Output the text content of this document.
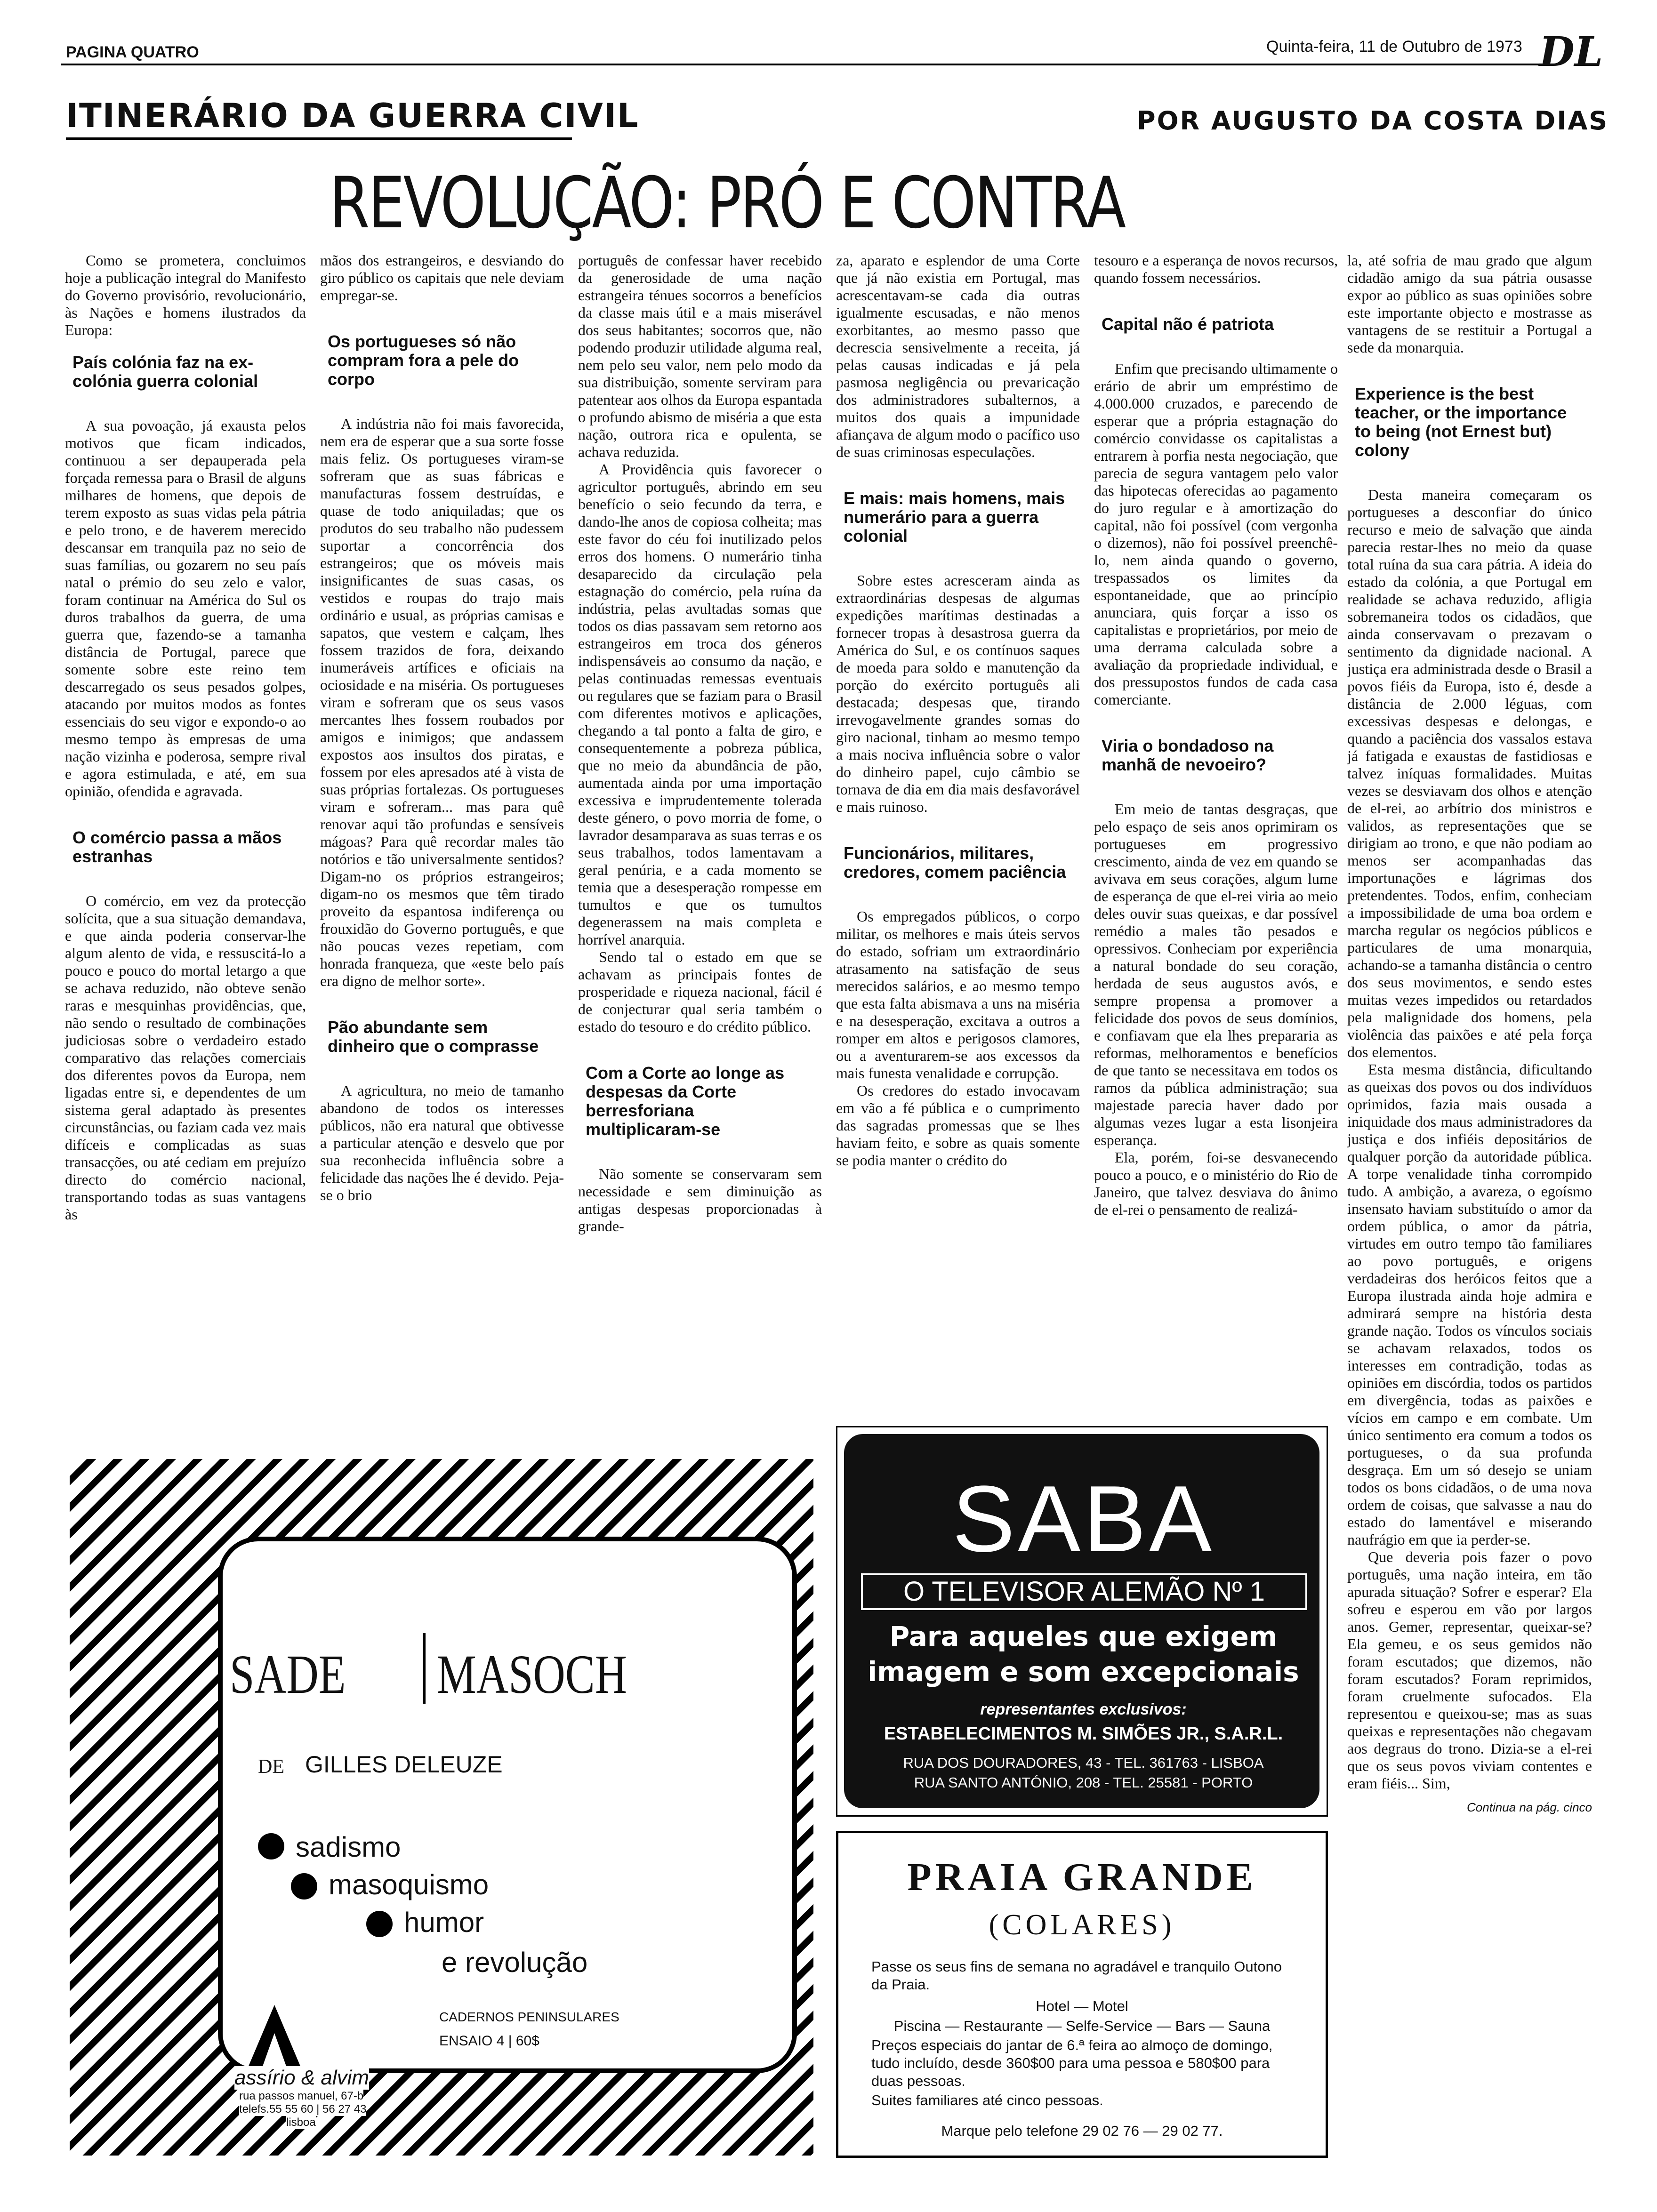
PAGINA QUATRO	Quinta-feira, 11 de Outubro de 1973 DL
ITINERÁRIO DA GUERRA CIVIL	POR AUGUSTO DA COSTA DIAS
REVOLUÇÃO: PRÓ E CONTRA

Como se prometera, concluimos hoje a publicação integral do Manifesto do Governo provisório, revolucionário, às Nações e homens ilustrados da Europa:

País colónia faz na ex-colónia guerra colonial

A sua povoação, já exausta pelos motivos que ficam indicados, continuou a ser depauperada pela forçada remessa para o Brasil de alguns milhares de homens, que depois de terem exposto as suas vidas pela pátria e pelo trono, e de haverem merecido descansar em tranquila paz no seio de suas famílias, ou gozarem no seu país natal o prémio do seu zelo e valor, foram continuar na América do Sul os duros trabalhos da guerra, de uma guerra que, fazendo-se a tamanha distância de Portugal, parece que somente sobre este reino tem descarregado os seus pesados golpes, atacando por muitos modos as fontes essenciais do seu vigor e expondo-o ao mesmo tempo às empresas de uma nação vizinha e poderosa, sempre rival e agora estimulada, e até, em sua opinião, ofendida e agravada.

O comércio passa a mãos estranhas

O comércio, em vez da protecção solícita, que a sua situação demandava, e que ainda poderia conservar-lhe algum alento de vida, e ressuscitá-lo a pouco e pouco do mortal letargo a que se achava reduzido, não obteve senão raras e mesquinhas providências, que, não sendo o resultado de combinações judiciosas sobre o verdadeiro estado comparativo das relações comerciais dos diferentes povos da Europa, nem ligadas entre si, e dependentes de um sistema geral adaptado às presentes circunstâncias, ou faziam cada vez mais difíceis e complicadas as suas transacções, ou até cediam em prejuízo directo do comércio nacional, transportando todas as suas vantagens às

mãos dos estrangeiros, e desviando do giro público os capitais que nele deviam empregar-se.

Os portugueses só não compram fora a pele do corpo

A indústria não foi mais favorecida, nem era de esperar que a sua sorte fosse mais feliz. Os portugueses viram-se sofreram que as suas fábricas e manufacturas fossem destruídas, e quase de todo aniquiladas; que os produtos do seu trabalho não pudessem suportar a concorrência dos estrangeiros; que os móveis mais insignificantes de suas casas, os vestidos e roupas do trajo mais ordinário e usual, as próprias camisas e sapatos, que vestem e calçam, lhes fossem trazidos de fora, deixando inumeráveis artífices e oficiais na ociosidade e na miséria. Os portugueses viram e sofreram que os seus vasos mercantes lhes fossem roubados por amigos e inimigos; que andassem expostos aos insultos dos piratas, e fossem por eles apresados até à vista de suas próprias fortalezas. Os portugueses viram e sofreram... mas para quê renovar aqui tão profundas e sensíveis mágoas? Para quê recordar males tão notórios e tão universalmente sentidos? Digam-no os próprios estrangeiros; digam-no os mesmos que têm tirado proveito da espantosa indiferença ou frouxidão do Governo português, e que não poucas vezes repetiam, com honrada franqueza, que «este belo país era digno de melhor sorte».

Pão abundante sem dinheiro que o comprasse

A agricultura, no meio de tamanho abandono de todos os interesses públicos, não era natural que obtivesse a particular atenção e desvelo que por sua reconhecida influência sobre a felicidade das nações lhe é devido. Peja-se o brio

português de confessar haver recebido da generosidade de uma nação estrangeira ténues socorros a benefícios da classe mais útil e a mais miserável dos seus habitantes; socorros que, não podendo produzir utilidade alguma real, nem pelo seu valor, nem pelo modo da sua distribuição, somente serviram para patentear aos olhos da Europa espantada o profundo abismo de miséria a que esta nação, outrora rica e opulenta, se achava reduzida.

A Providência quis favorecer o agricultor português, abrindo em seu benefício o seio fecundo da terra, e dando-lhe anos de copiosa colheita; mas este favor do céu foi inutilizado pelos erros dos homens. O numerário tinha desaparecido da circulação pela estagnação do comércio, pela ruína da indústria, pelas avultadas somas que todos os dias passavam sem retorno aos estrangeiros em troca dos géneros indispensáveis ao consumo da nação, e pelas continuadas remessas eventuais ou regulares que se faziam para o Brasil com diferentes motivos e aplicações, chegando a tal ponto a falta de giro, e consequentemente a pobreza pública, que no meio da abundância de pão, aumentada ainda por uma importação excessiva e imprudentemente tolerada deste género, o povo morria de fome, o lavrador desamparava as suas terras e os seus trabalhos, todos lamentavam a geral penúria, e a cada momento se temia que a desesperação rompesse em tumultos e que os tumultos degenerassem na mais completa e horrível anarquia.

Sendo tal o estado em que se achavam as principais fontes de prosperidade e riqueza nacional, fácil é de conjecturar qual seria também o estado do tesouro e do crédito público.

Com a Corte ao longe as despesas da Corte berresforiana multiplicaram-se

Não somente se conservaram sem necessidade e sem diminuição as antigas despesas proporcionadas à grande-

za, aparato e esplendor de uma Corte que já não existia em Portugal, mas acrescentavam-se cada dia outras igualmente escusadas, e não menos exorbitantes, ao mesmo passo que decrescia sensivelmente a receita, já pelas causas indicadas e já pela pasmosa negligência ou prevaricação dos administradores subalternos, a muitos dos quais a impunidade afiançava de algum modo o pacífico uso de suas criminosas especulações.

E mais: mais homens, mais numerário para a guerra colonial

Sobre estes acresceram ainda as extraordinárias despesas de algumas expedições marítimas destinadas a fornecer tropas à desastrosa guerra da América do Sul, e os contínuos saques de moeda para soldo e manutenção da porção do exército português ali destacada; despesas que, tirando irrevogavelmente grandes somas do giro nacional, tinham ao mesmo tempo a mais nociva influência sobre o valor do dinheiro papel, cujo câmbio se tornava de dia em dia mais desfavorável e mais ruinoso.

Funcionários, militares, credores, comem paciência

Os empregados públicos, o corpo militar, os melhores e mais úteis servos do estado, sofriam um extraordinário atrasamento na satisfação de seus merecidos salários, e ao mesmo tempo que esta falta abismava a uns na miséria e na desesperação, excitava a outros a romper em altos e perigosos clamores, ou a aventurarem-se aos excessos da mais funesta venalidade e corrupção.

Os credores do estado invocavam em vão a fé pública e o cumprimento das sagradas promessas que se lhes haviam feito, e sobre as quais somente se podia manter o crédito do

tesouro e a esperança de novos recursos, quando fossem necessários.

Capital não é patriota

Enfim que precisando ultimamente o erário de abrir um empréstimo de 4.000.000 cruzados, e parecendo de esperar que a própria estagnação do comércio convidasse os capitalistas a entrarem à porfia nesta negociação, que parecia de segura vantagem pelo valor das hipotecas oferecidas ao pagamento do juro regular e à amortização do capital, não foi possível (com vergonha o dizemos), não foi possível preenchê-lo, nem ainda quando o governo, trespassados os limites da espontaneidade, que ao princípio anunciara, quis forçar a isso os capitalistas e proprietários, por meio de uma derrama calculada sobre a avaliação da propriedade individual, e dos pressupostos fundos de cada casa comerciante.

Viria o bondadoso na manhã de nevoeiro?

Em meio de tantas desgraças, que pelo espaço de seis anos oprimiram os portugueses em progressivo crescimento, ainda de vez em quando se avivava em seus corações, algum lume de esperança de que el-rei viria ao meio deles ouvir suas queixas, e dar possível remédio a males tão pesados e opressivos. Conheciam por experiência a natural bondade do seu coração, herdada de seus augustos avós, e sempre propensa a promover a felicidade dos povos de seus domínios, e confiavam que ela lhes prepararia as reformas, melhoramentos e benefícios de que tanto se necessitava em todos os ramos da pública administração; sua majestade parecia haver dado por algumas vezes lugar a esta lisonjeira esperança.

Ela, porém, foi-se desvanecendo pouco a pouco, e o ministério do Rio de Janeiro, que talvez desviava do ânimo de el-rei o pensamento de realizá-

la, até sofria de mau grado que algum cidadão amigo da sua pátria ousasse expor ao público as suas opiniões sobre este importante objecto e mostrasse as vantagens de se restituir a Portugal a sede da monarquia.

Experience is the best teacher, or the importance to being (not Ernest but) colony

Desta maneira começaram os portugueses a desconfiar do único recurso e meio de salvação que ainda parecia restar-lhes no meio da quase total ruína da sua cara pátria. A ideia do estado da colónia, a que Portugal em realidade se achava reduzido, afligia sobremaneira todos os cidadãos, que ainda conservavam o prezavam o sentimento da dignidade nacional. A justiça era administrada desde o Brasil a povos fiéis da Europa, isto é, desde a distância de 2.000 léguas, com excessivas despesas e delongas, e quando a paciência dos vassalos estava já fatigada e exaustas de fastidiosas e talvez iníquas formalidades. Muitas vezes se desviavam dos olhos e atenção de el-rei, ao arbítrio dos ministros e validos, as representações que se dirigiam ao trono, e que não podiam ao menos ser acompanhadas das importunações e lágrimas dos pretendentes. Todos, enfim, conheciam a impossibilidade de uma boa ordem e marcha regular os negócios públicos e particulares de uma monarquia, achando-se a tamanha distância o centro dos seus movimentos, e sendo estes muitas vezes impedidos ou retardados pela malignidade dos homens, pela violência das paixões e até pela força dos elementos.

Esta mesma distância, dificultando as queixas dos povos ou dos indivíduos oprimidos, fazia mais ousada a iniquidade dos maus administradores da justiça e dos infiéis depositários de qualquer porção da autoridade pública. A torpe venalidade tinha corrompido tudo. A ambição, a avareza, o egoísmo insensato haviam substituído o amor da ordem pública, o amor da pátria, virtudes em outro tempo tão familiares ao povo português, e origens verdadeiras dos heróicos feitos que a Europa ilustrada ainda hoje admira e admirará sempre na história desta grande nação. Todos os vínculos sociais se achavam relaxados, todos os interesses em contradição, todas as opiniões em discórdia, todos os partidos em divergência, todas as paixões e vícios em campo e em combate. Um único sentimento era comum a todos os portugueses, o da sua profunda desgraça. Em um só desejo se uniam todos os bons cidadãos, o de uma nova ordem de coisas, que salvasse a nau do estado do lamentável e miserando naufrágio em que ia perder-se.

Que deveria pois fazer o povo português, uma nação inteira, em tão apurada situação? Sofrer e esperar? Ela sofreu e esperou em vão por largos anos. Gemer, representar, queixar-se? Ela gemeu, e os seus gemidos não foram escutados; que dizemos, não foram escutados? Foram reprimidos, foram cruelmente sufocados. Ela representou e queixou-se; mas as suas queixas e representações não chegavam aos degraus do trono. Dizia-se a el-rei que os seus povos viviam contentes e eram fiéis... Sim,

Continua na pág. cinco
SADE MASOCH
DE GILLES DELEUZE
sadismo
masoquismo
humor
e revolução
CADERNOS PENINSULARES
ENSAIO 4 | 60$
assírio & alvim
rua passos manuel, 67-b
telefs.55 55 60 | 56 27 43
lisboa
SABA
O TELEVISOR ALEMÃO Nº 1
Para aqueles que exigem
imagem e som excepcionais
representantes exclusivos:
ESTABELECIMENTOS M. SIMÕES JR., S.A.R.L.
RUA DOS DOURADORES, 43 - TEL. 361763 - LISBOA
RUA SANTO ANTÓNIO, 208 - TEL. 25581 - PORTO
PRAIA GRANDE
(COLARES)
Passe os seus fins de semana no agradável e tranquilo Outono da Praia.
Hotel — Motel
Piscina — Restaurante — Selfe-Service — Bars — Sauna
Preços especiais do jantar de 6.ª feira ao almoço de domingo, tudo incluído, desde 360$00 para uma pessoa e 580$00 para duas pessoas.
Suites familiares até cinco pessoas.
Marque pelo telefone 29 02 76 — 29 02 77.
